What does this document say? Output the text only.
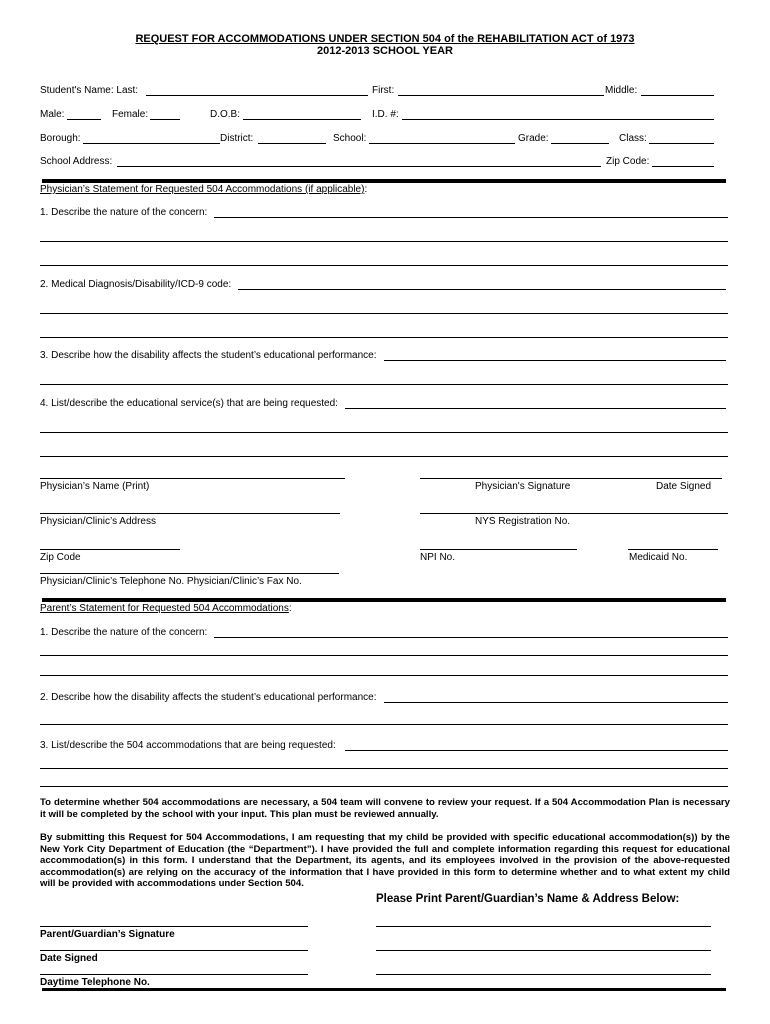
REQUEST FOR ACCOMMODATIONS UNDER SECTION 504 of the REHABILITATION ACT of 1973
2012-2013 SCHOOL YEAR
Student's Name: Last:	First:	Middle:
Male:	Female:	D.O.B:	I.D. #:
Borough:	District:	School:	Grade:	Class:
School Address:	Zip Code:
Physician’s Statement for Requested 504 Accommodations (if applicable):
1. Describe the nature of the concern:
2. Medical Diagnosis/Disability/ICD-9 code:
3. Describe how the disability affects the student’s educational performance:
4. List/describe the educational service(s) that are being requested:
Physician’s Name (Print)	Physician's Signature	Date Signed
Physician/Clinic’s Address	NYS Registration No.
Zip Code	NPI No.	Medicaid No.
Physician/Clinic’s Telephone No. Physician/Clinic’s Fax No.
Parent’s Statement for Requested 504 Accommodations:
1. Describe the nature of the concern:
2. Describe how the disability affects the student’s educational performance:
3. List/describe the 504 accommodations that are being requested:
To determine whether 504 accommodations are necessary, a 504 team will convene to review your request. If a 504 Accommodation Plan is necessary it will be completed by the school with your input. This plan must be reviewed annually.
By submitting this Request for 504 Accommodations, I am requesting that my child be provided with specific educational accommodation(s)) by the New York City Department of Education (the “Department”). I have provided the full and complete information regarding this request for educational accommodation(s) in this form. I understand that the Department, its agents, and its employees involved in the provision of the above-requested accommodation(s) are relying on the accuracy of the information that I have provided in this form to determine whether and to what extent my child will be provided with accommodations under Section 504.
Please Print Parent/Guardian’s Name & Address Below:
Parent/Guardian’s Signature
Date Signed
Daytime Telephone No.
